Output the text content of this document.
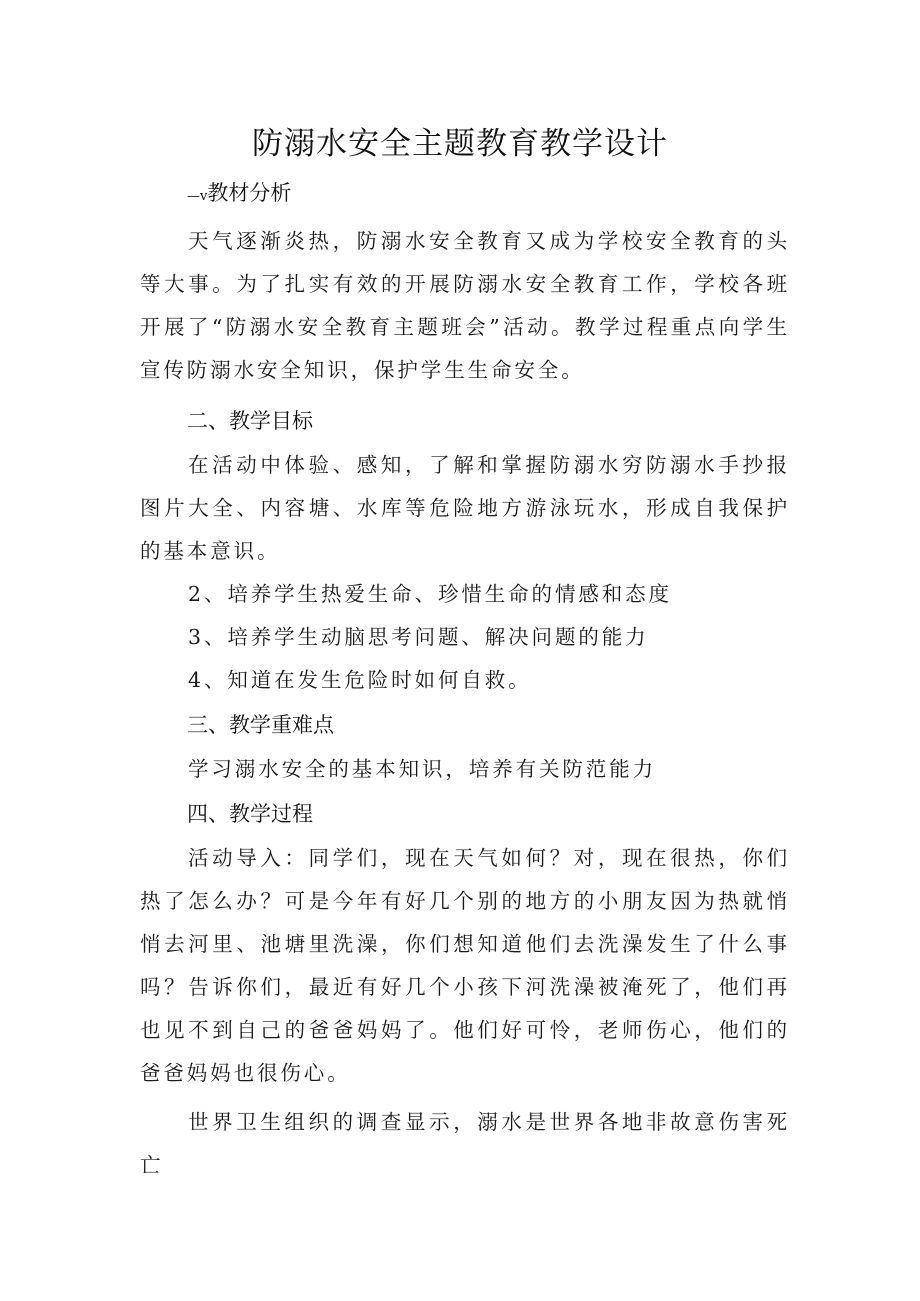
防溺水安全主题教育教学设计
—v教材分析

天气逐渐炎热，防溺水安全教育又成为学校安全教育的头等大事。为了扎实有效的开展防溺水安全教育工作，学校各班开展了“防溺水安全教育主题班会”活动。教学过程重点向学生宣传防溺水安全知识，保护学生生命安全。

二、教学目标

在活动中体验、感知，了解和掌握防溺水穷防溺水手抄报图片大全、内容塘、水库等危险地方游泳玩水，形成自我保护的基本意识。

2、培养学生热爱生命、珍惜生命的情感和态度

3、培养学生动脑思考问题、解决问题的能力

4、知道在发生危险时如何自救。

三、教学重难点

学习溺水安全的基本知识，培养有关防范能力

四、教学过程

活动导入：同学们，现在天气如何？对，现在很热，你们热了怎么办？可是今年有好几个别的地方的小朋友因为热就悄悄去河里、池塘里洗澡，你们想知道他们去洗澡发生了什么事吗？告诉你们，最近有好几个小孩下河洗澡被淹死了，他们再也见不到自己的爸爸妈妈了。他们好可怜，老师伤心，他们的爸爸妈妈也很伤心。

世界卫生组织的调查显示，溺水是世界各地非故意伤害死亡
